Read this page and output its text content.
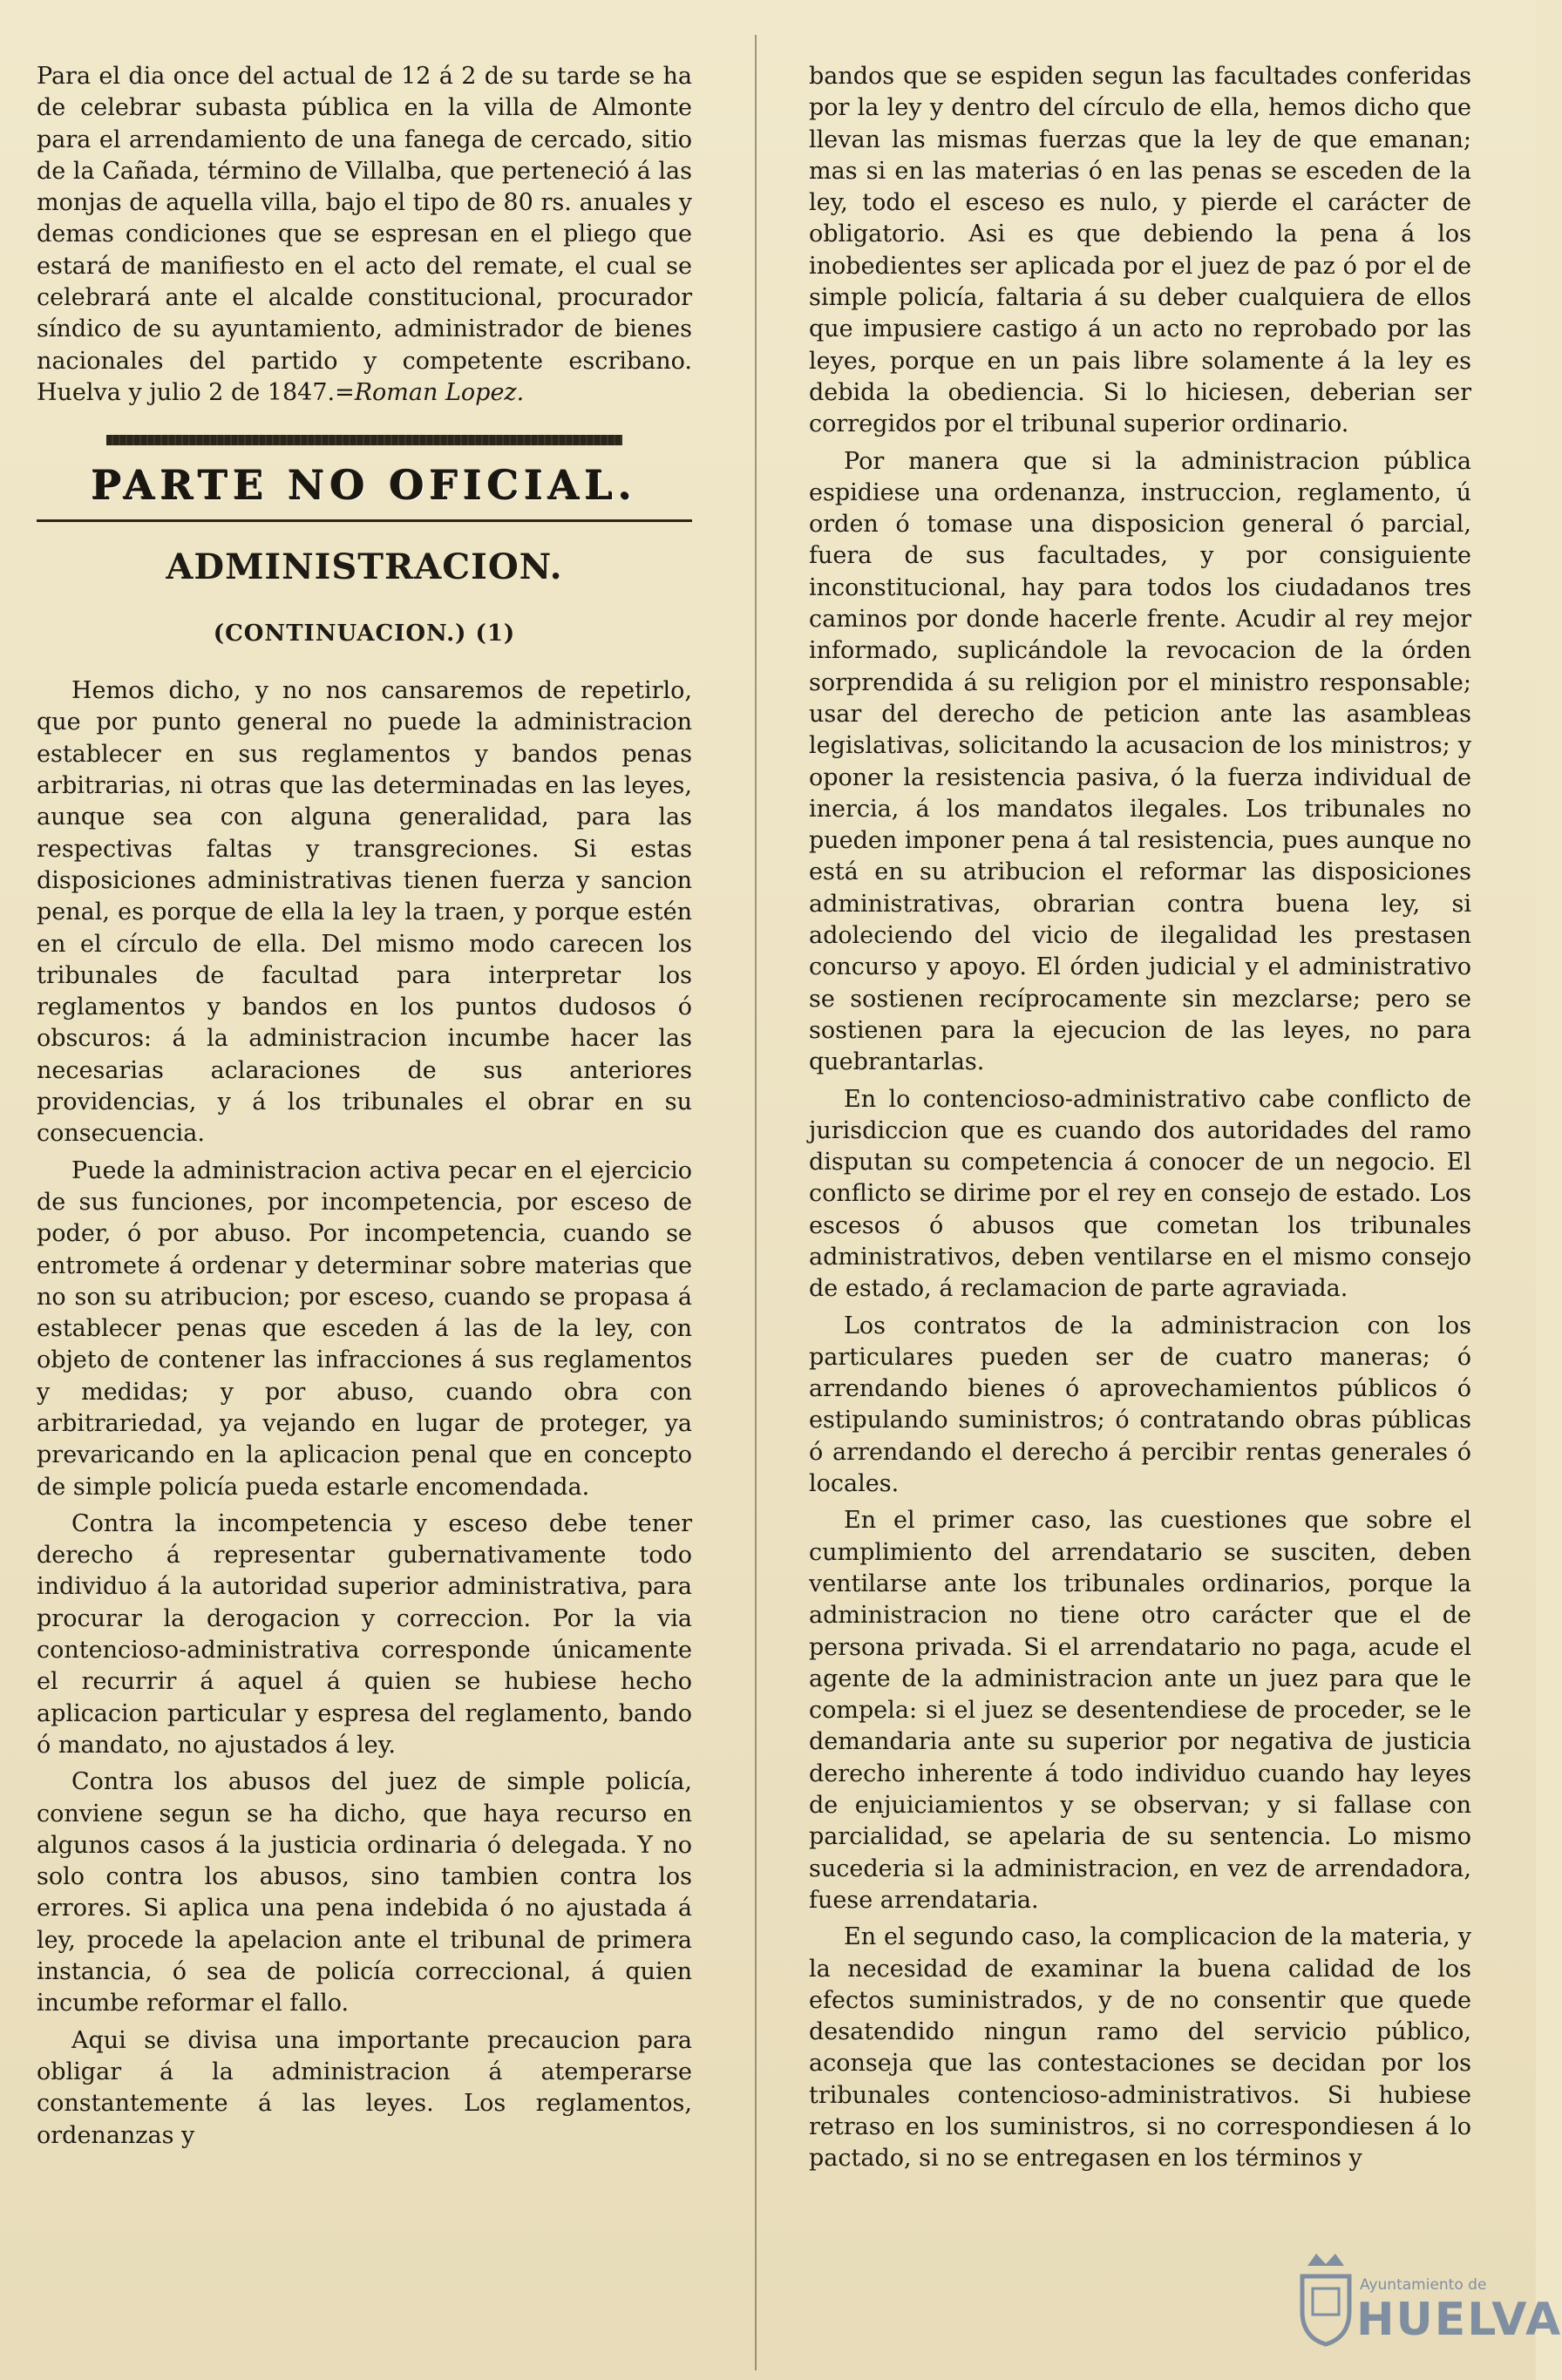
Para el dia once del actual de 12 á 2 de su tarde se ha de celebrar subasta pública en la villa de Almonte para el arrendamiento de una fanega de cercado, sitio de la Cañada, término de Villalba, que perteneció á las monjas de aquella villa, bajo el tipo de 80 rs. anuales y demas condiciones que se espresan en el pliego que estará de manifiesto en el acto del remate, el cual se celebrará ante el alcalde constitucional, procurador síndico de su ayuntamiento, administrador de bienes nacionales del partido y competente escribano. Huelva y julio 2 de 1847.=Roman Lopez.

PARTE NO OFICIAL.
ADMINISTRACION.
(CONTINUACION.) (1)

Hemos dicho, y no nos cansaremos de repetirlo, que por punto general no puede la administracion establecer en sus reglamentos y bandos penas arbitrarias, ni otras que las determinadas en las leyes, aunque sea con alguna generalidad, para las respectivas faltas y transgreciones. Si estas disposiciones administrativas tienen fuerza y sancion penal, es porque de ella la ley la traen, y porque estén en el círculo de ella. Del mismo modo carecen los tribunales de facultad para interpretar los reglamentos y bandos en los puntos dudosos ó obscuros: á la administracion incumbe hacer las necesarias aclaraciones de sus anteriores providencias, y á los tribunales el obrar en su consecuencia.

Puede la administracion activa pecar en el ejercicio de sus funciones, por incompetencia, por esceso de poder, ó por abuso. Por incompetencia, cuando se entromete á ordenar y determinar sobre materias que no son su atribucion; por esceso, cuando se propasa á establecer penas que esceden á las de la ley, con objeto de contener las infracciones á sus reglamentos y medidas; y por abuso, cuando obra con arbitrariedad, ya vejando en lugar de proteger, ya prevaricando en la aplicacion penal que en concepto de simple policía pueda estarle encomendada.

Contra la incompetencia y esceso debe tener derecho á representar gubernativamente todo individuo á la autoridad superior administrativa, para procurar la derogacion y correccion. Por la via contencioso-administrativa corresponde únicamente el recurrir á aquel á quien se hubiese hecho aplicacion particular y espresa del reglamento, bando ó mandato, no ajustados á ley.

Contra los abusos del juez de simple policía, conviene segun se ha dicho, que haya recurso en algunos casos á la justicia ordinaria ó delegada. Y no solo contra los abusos, sino tambien contra los errores. Si aplica una pena indebida ó no ajustada á ley, procede la apelacion ante el tribunal de primera instancia, ó sea de policía correccional, á quien incumbe reformar el fallo.

Aqui se divisa una importante precaucion para obligar á la administracion á atemperarse constantemente á las leyes. Los reglamentos, ordenanzas y

bandos que se espiden segun las facultades conferidas por la ley y dentro del círculo de ella, hemos dicho que llevan las mismas fuerzas que la ley de que emanan; mas si en las materias ó en las penas se esceden de la ley, todo el esceso es nulo, y pierde el carácter de obligatorio. Asi es que debiendo la pena á los inobedientes ser aplicada por el juez de paz ó por el de simple policía, faltaria á su deber cualquiera de ellos que impusiere castigo á un acto no reprobado por las leyes, porque en un pais libre solamente á la ley es debida la obediencia. Si lo hiciesen, deberian ser corregidos por el tribunal superior ordinario.

Por manera que si la administracion pública espidiese una ordenanza, instruccion, reglamento, ú orden ó tomase una disposicion general ó parcial, fuera de sus facultades, y por consiguiente inconstitucional, hay para todos los ciudadanos tres caminos por donde hacerle frente. Acudir al rey mejor informado, suplicándole la revocacion de la órden sorprendida á su religion por el ministro responsable; usar del derecho de peticion ante las asambleas legislativas, solicitando la acusacion de los ministros; y oponer la resistencia pasiva, ó la fuerza individual de inercia, á los mandatos ilegales. Los tribunales no pueden imponer pena á tal resistencia, pues aunque no está en su atribucion el reformar las disposiciones administrativas, obrarian contra buena ley, si adoleciendo del vicio de ilegalidad les prestasen concurso y apoyo. El órden judicial y el administrativo se sostienen recíprocamente sin mezclarse; pero se sostienen para la ejecucion de las leyes, no para quebrantarlas.

En lo contencioso-administrativo cabe conflicto de jurisdiccion que es cuando dos autoridades del ramo disputan su competencia á conocer de un negocio. El conflicto se dirime por el rey en consejo de estado. Los escesos ó abusos que cometan los tribunales administrativos, deben ventilarse en el mismo consejo de estado, á reclamacion de parte agraviada.

Los contratos de la administracion con los particulares pueden ser de cuatro maneras; ó arrendando bienes ó aprovechamientos públicos ó estipulando suministros; ó contratando obras públicas ó arrendando el derecho á percibir rentas generales ó locales.

En el primer caso, las cuestiones que sobre el cumplimiento del arrendatario se susciten, deben ventilarse ante los tribunales ordinarios, porque la administracion no tiene otro carácter que el de persona privada. Si el arrendatario no paga, acude el agente de la administracion ante un juez para que le compela: si el juez se desentendiese de proceder, se le demandaria ante su superior por negativa de justicia derecho inherente á todo individuo cuando hay leyes de enjuiciamientos y se observan; y si fallase con parcialidad, se apelaria de su sentencia. Lo mismo sucederia si la administracion, en vez de arrendadora, fuese arrendataria.

En el segundo caso, la complicacion de la materia, y la necesidad de examinar la buena calidad de los efectos suministrados, y de no consentir que quede desatendido ningun ramo del servicio público, aconseja que las contestaciones se decidan por los tribunales contencioso-administrativos. Si hubiese retraso en los suministros, si no correspondiesen á lo pactado, si no se entregasen en los términos y

Ayuntamiento de
HUELVA
